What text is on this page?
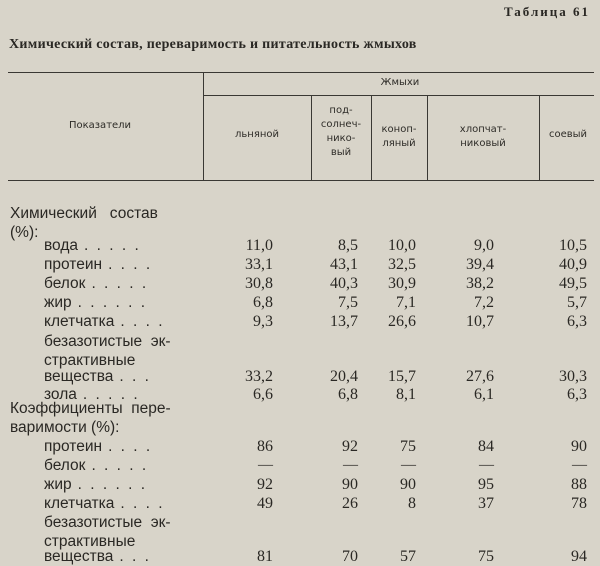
Таблица 61
Химический состав, переваримость и питательность жмыхов
Показатели
Жмыхи
льняной
под-
солнеч-
нико-
вый
коноп-
ляный
хлопчат-
никовый
соевый
Химический   состав
(%):
вода . . . . .	11,0	8,5 10,0	9,0	10,5
протеин . . . .	33,1	43,1 32,5	39,4	40,9
белок . . . . .	30,8	40,3 30,9	38,2	49,5
жир . . . . . .	6,8	7,5 7,1	7,2	5,7
клетчатка . . . .	9,3	13,7 26,6	10,7	6,3
безазотистые  эк-
страктивные
вещества . . .	33,2	20,4 15,7	27,6	30,3
зола . . . . .	6,6	6,8 8,1	6,1	6,3
Коэффициенты  пере-
варимости (%):
протеин . . . .	86	92	75	84	90
белок . . . . .	—	—	—	—	—
жир . . . . . .	92	90	90	95	88
клетчатка . . . .	49	26	8	37	78
безазотистые  эк-
страктивные
вещества . . .	81	70	57	75	94
